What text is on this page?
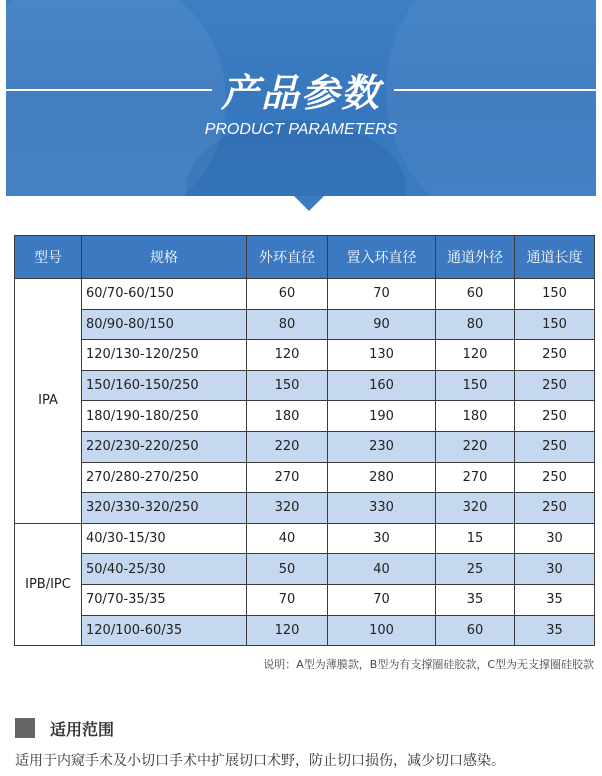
产品参数
PRODUCT PARAMETERS
型号	规格	外环直径	置入环直径	通道外径	通道长度
IPA	60/70-60/150	60	70	60	150
	80/90-80/150	80	90	80	150
	120/130-120/250	120	130	120	250
	150/160-150/250	150	160	150	250
	180/190-180/250	180	190	180	250
	220/230-220/250	220	230	220	250
	270/280-270/250	270	280	270	250
	320/330-320/250	320	330	320	250
IPB/IPC	40/30-15/30	40	30	15	30
	50/40-25/30	50	40	25	30
	70/70-35/35	70	70	35	35
	120/100-60/35	120	100	60	35
说明：A型为薄膜款，B型为有支撑圈硅胶款，C型为无支撑圈硅胶款
适用范围
适用于内窥手术及小切口手术中扩展切口术野，防止切口损伤，减少切口感染。
